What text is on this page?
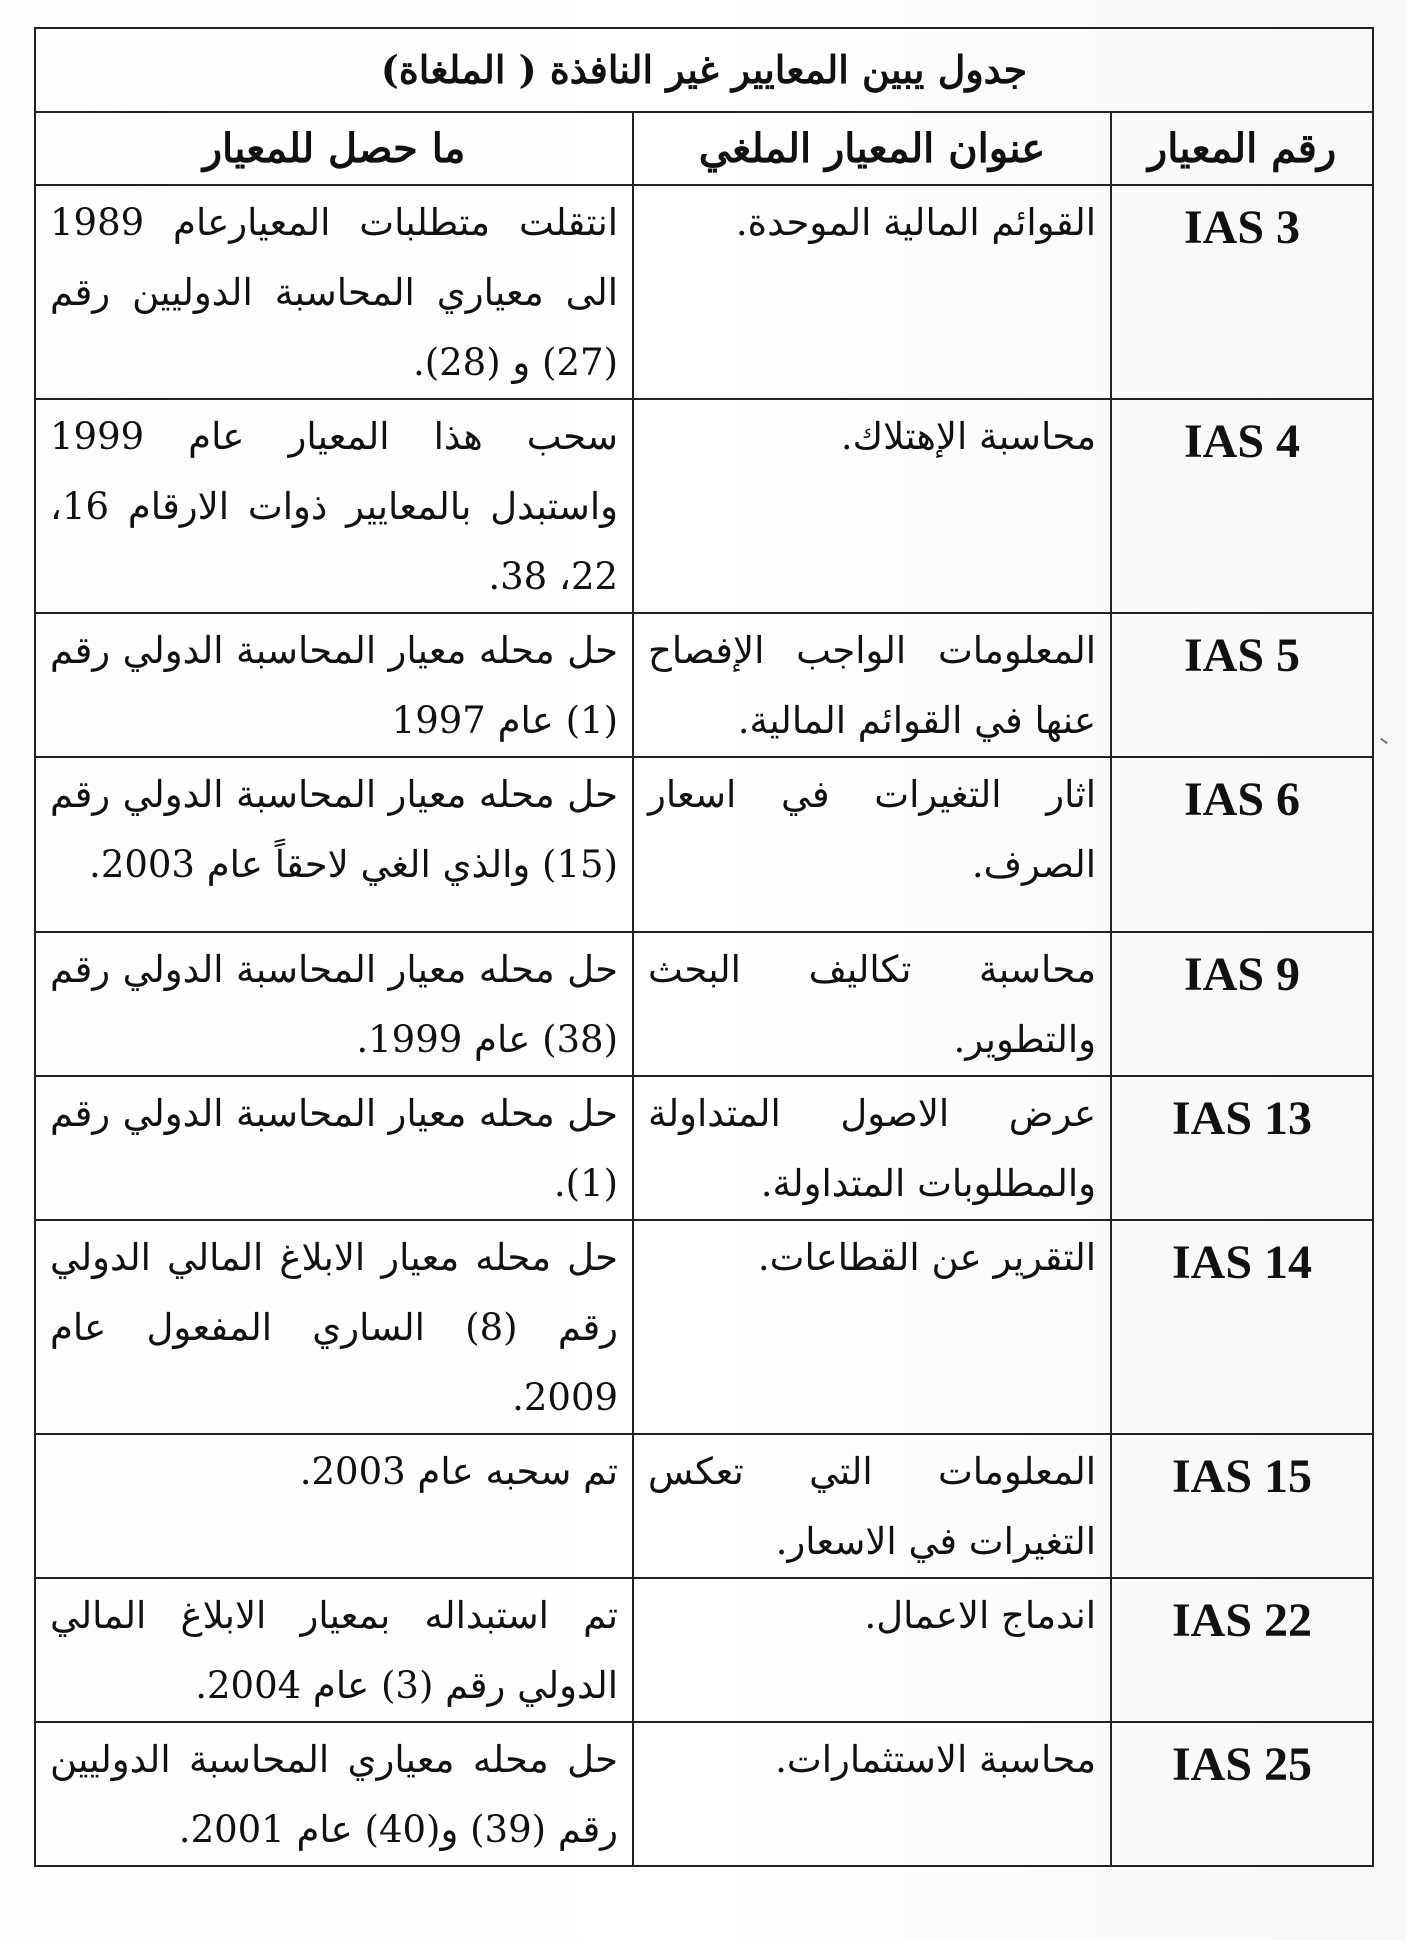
جدول يبين المعايير غير النافذة ( الملغاة)		
رقم المعيار	عنوان المعيار الملغي	ما حصل للمعيار
IAS 3	القوائم المالية الموحدة.	انتقلت متطلبات المعيارعام 1989 الى معياري المحاسبة الدوليين رقم (27) و (28).
IAS 4	محاسبة الإهتلاك.	سحب هذا المعيار عام 1999 واستبدل بالمعايير ذوات الارقام 16، 22، 38.
IAS 5	المعلومات الواجب الإفصاح عنها في القوائم المالية.	حل محله معيار المحاسبة الدولي رقم (1) عام 1997
IAS 6	اثار التغيرات في اسعار الصرف.	حل محله معيار المحاسبة الدولي رقم (15) والذي الغي لاحقاً عام 2003.
IAS 9	محاسبة تكاليف البحث والتطوير.	حل محله معيار المحاسبة الدولي رقم (38) عام 1999.
IAS 13	عرض الاصول المتداولة والمطلوبات المتداولة.	حل محله معيار المحاسبة الدولي رقم (1).
IAS 14	التقرير عن القطاعات.	حل محله معيار الابلاغ المالي الدولي رقم (8) الساري المفعول عام 2009.
IAS 15	المعلومات التي تعكس التغيرات في الاسعار.	تم سحبه عام 2003.
IAS 22	اندماج الاعمال.	تم استبداله بمعيار الابلاغ المالي الدولي رقم (3) عام 2004.
IAS 25	محاسبة الاستثمارات.	حل محله معياري المحاسبة الدوليين رقم (39) و(40) عام 2001.
